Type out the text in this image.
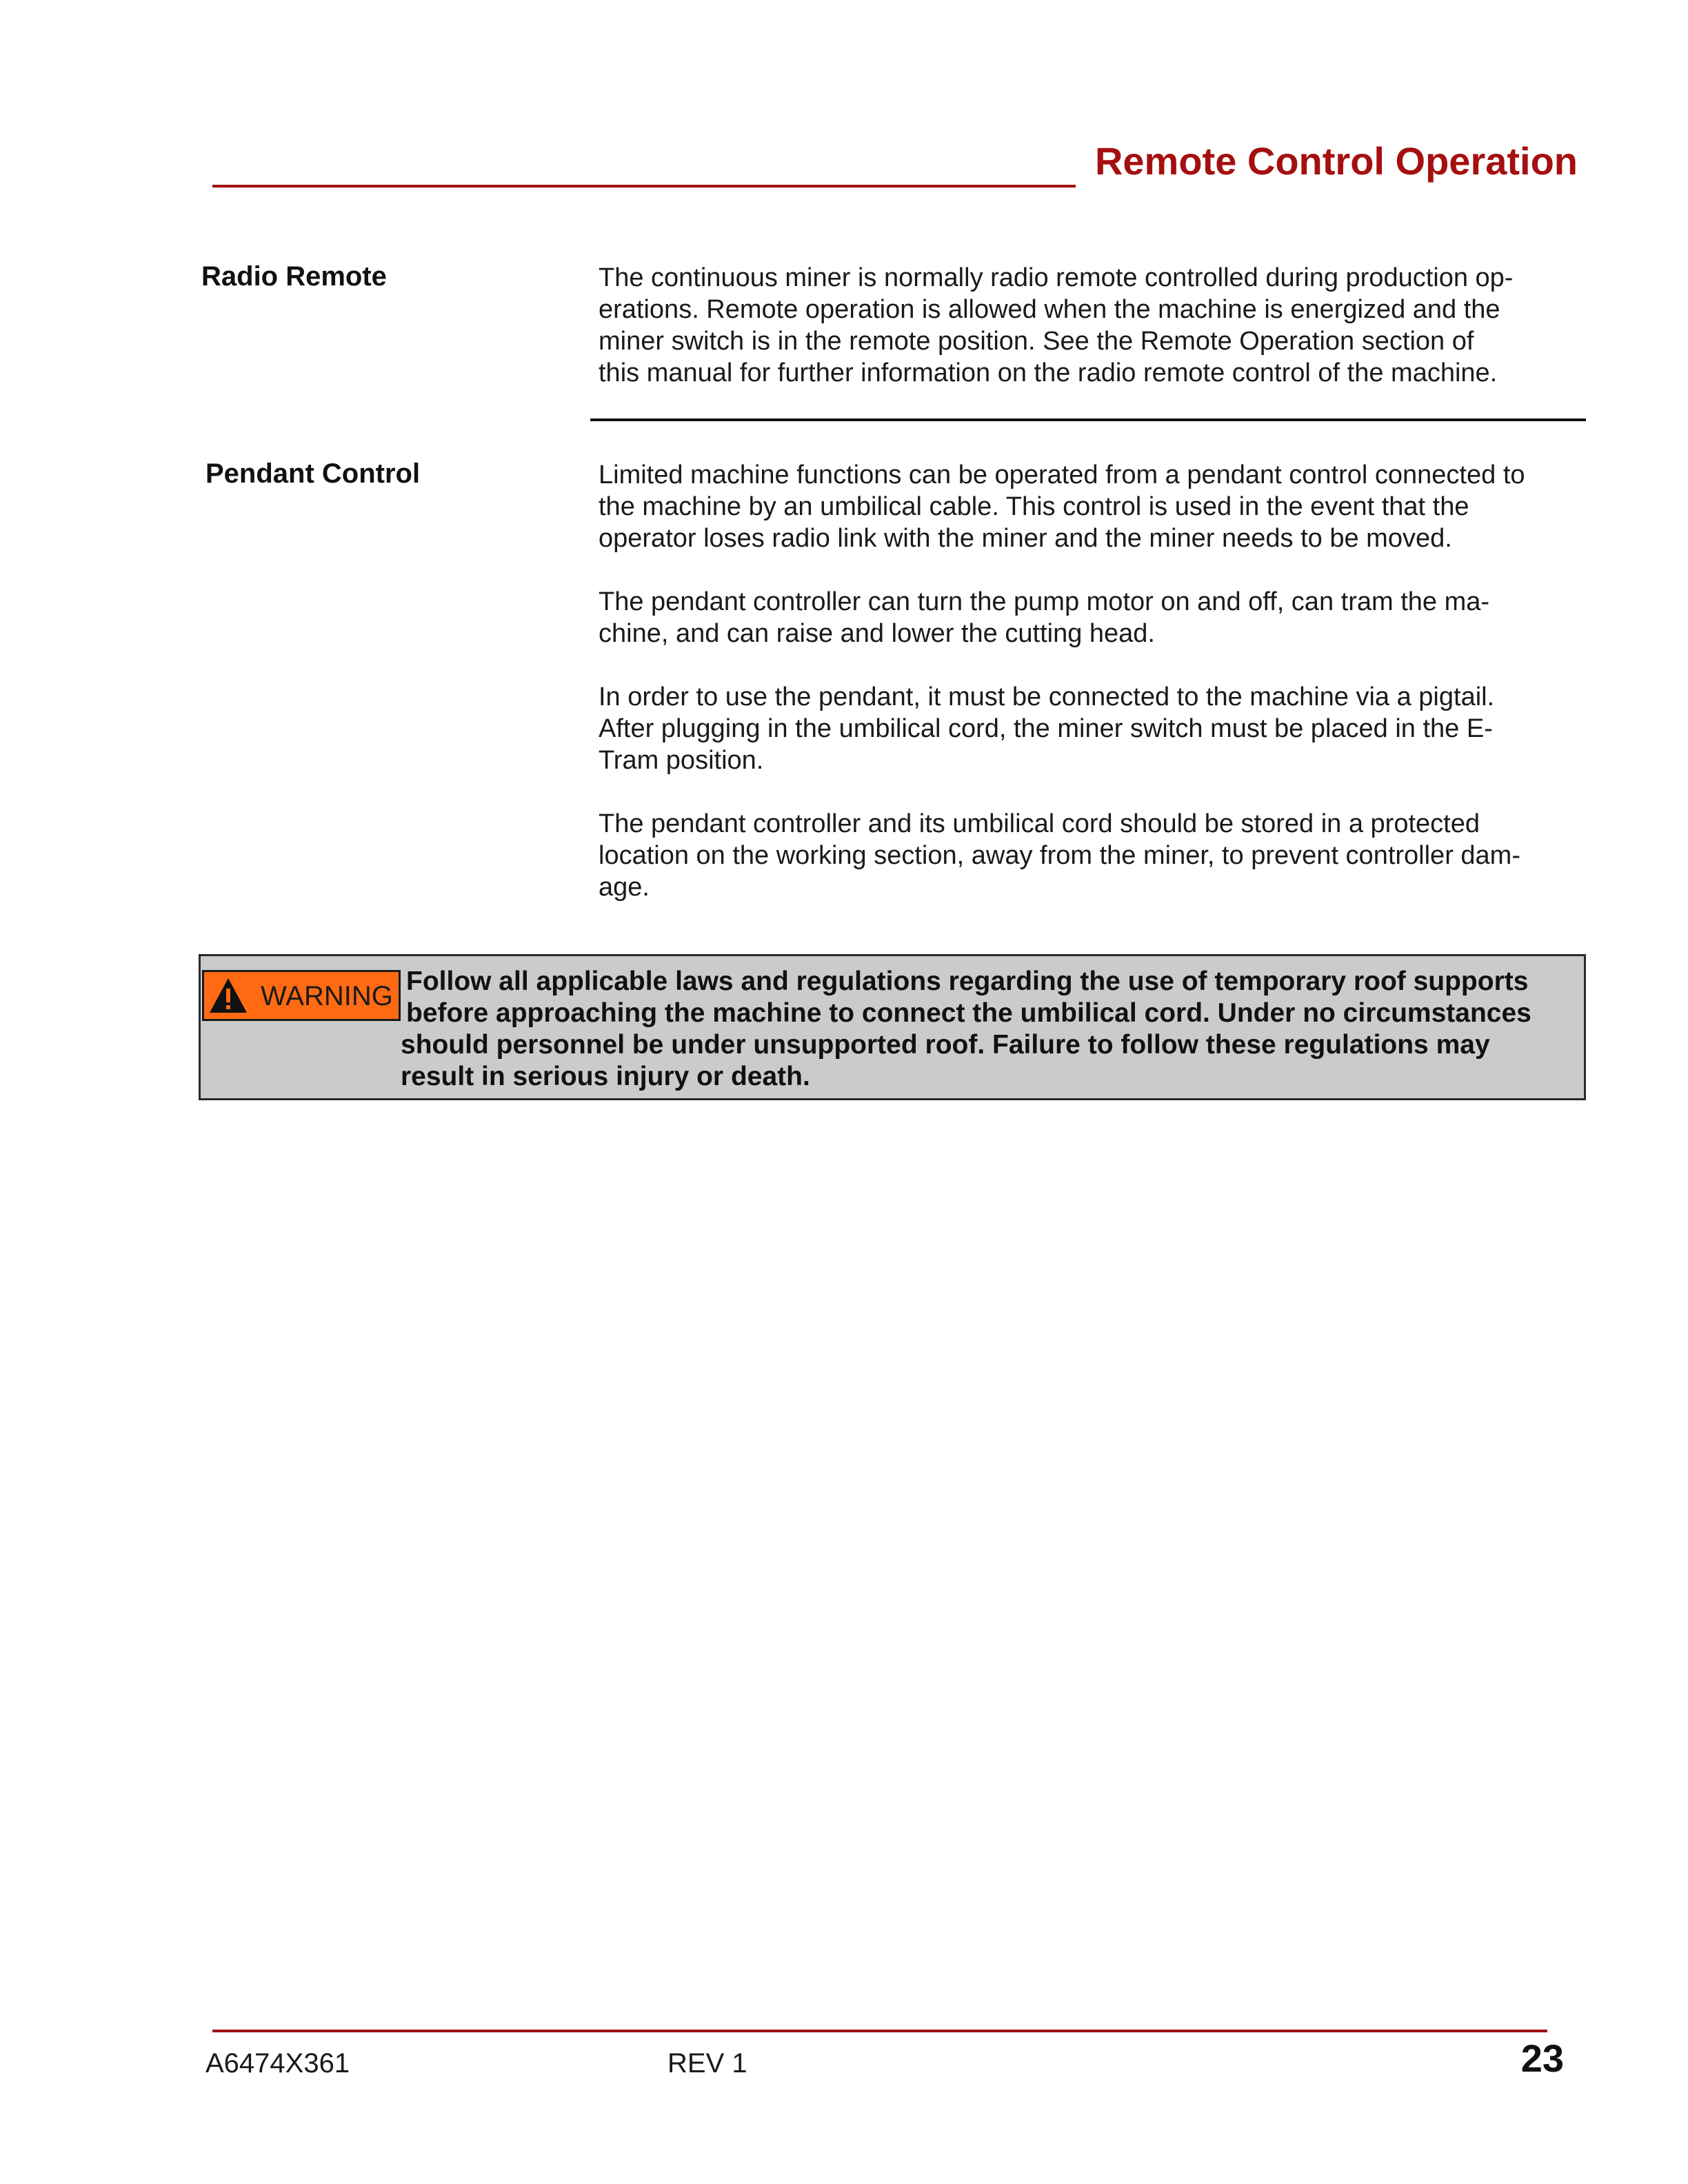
Remote Control Operation
Radio Remote	The continuous miner is normally radio remote controlled during production op-
erations. Remote operation is allowed when the machine is energized and the
miner switch is in the remote position. See the Remote Operation section of
this manual for further information on the radio remote control of the machine.

Pendant Control	Limited machine functions can be operated from a pendant control connected to
the machine by an umbilical cable. This control is used in the event that the
operator loses radio link with the miner and the miner needs to be moved.

The pendant controller can turn the pump motor on and off, can tram the ma-
chine, and can raise and lower the cutting head.

In order to use the pendant, it must be connected to the machine via a pigtail.
After plugging in the umbilical cord, the miner switch must be placed in the E-
Tram position.

The pendant controller and its umbilical cord should be stored in a protected
location on the working section, away from the miner, to prevent controller dam-
age.

WARNING Follow all applicable laws and regulations regarding the use of temporary roof supports
before approaching the machine to connect the umbilical cord. Under no circumstances
should personnel be under unsupported roof. Failure to follow these regulations may
result in serious injury or death.
A6474X361	REV 1	23
